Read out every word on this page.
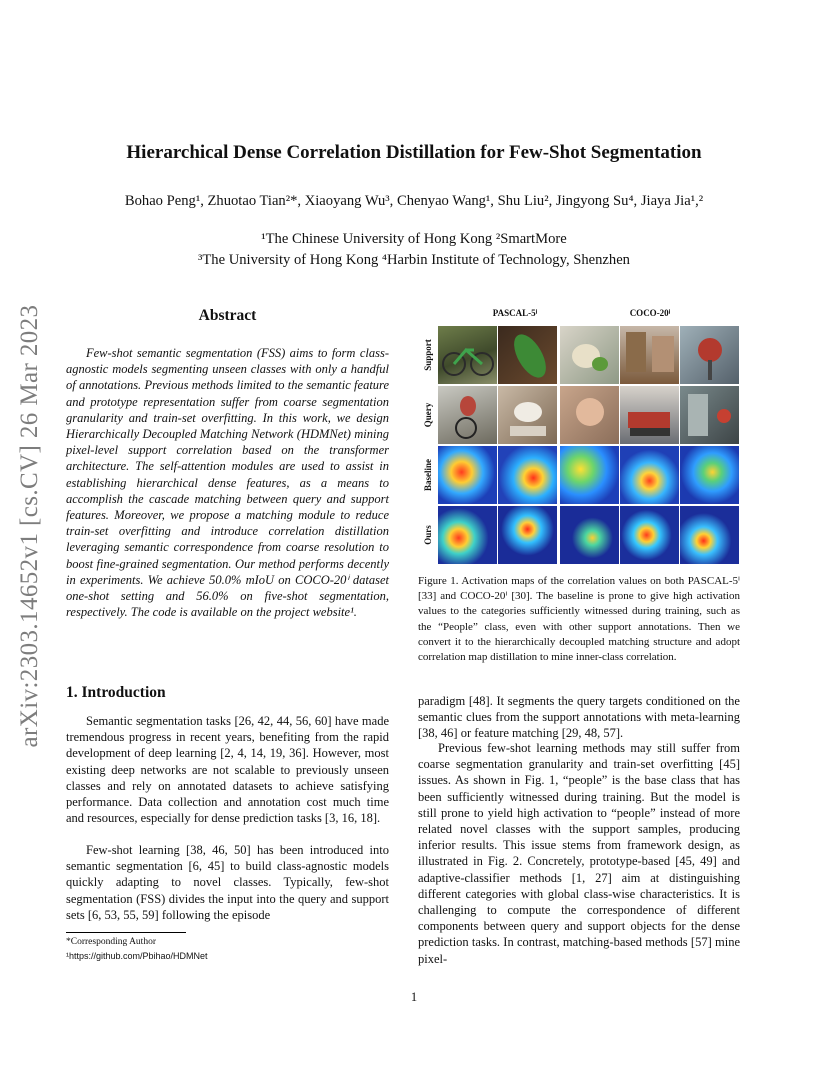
arXiv:2303.14652v1 [cs.CV] 26 Mar 2023
Hierarchical Dense Correlation Distillation for Few-Shot Segmentation
Bohao Peng¹, Zhuotao Tian²*, Xiaoyang Wu³, Chenyao Wang¹, Shu Liu², Jingyong Su⁴, Jiaya Jia¹,²
¹The Chinese University of Hong Kong ²SmartMore
³The University of Hong Kong ⁴Harbin Institute of Technology, Shenzhen
Abstract

Few-shot semantic segmentation (FSS) aims to form class-agnostic models segmenting unseen classes with only a handful of annotations. Previous methods limited to the semantic feature and prototype representation suffer from coarse segmentation granularity and train-set overfitting. In this work, we design Hierarchically Decoupled Matching Network (HDMNet) mining pixel-level support correlation based on the transformer architecture. The self-attention modules are used to assist in establishing hierarchical dense features, as a means to accomplish the cascade matching between query and support features. Moreover, we propose a matching module to reduce train-set overfitting and introduce correlation distillation leveraging semantic correspondence from coarse resolution to boost fine-grained segmentation. Our method performs decently in experiments. We achieve 50.0% mIoU on COCO-20ⁱ dataset one-shot setting and 56.0% on five-shot segmentation, respectively. The code is available on the project website¹.

1. Introduction

Semantic segmentation tasks [26, 42, 44, 56, 60] have made tremendous progress in recent years, benefiting from the rapid development of deep learning [2, 4, 14, 19, 36]. However, most existing deep networks are not scalable to previously unseen classes and rely on annotated datasets to achieve satisfying performance. Data collection and annotation cost much time and resources, especially for dense prediction tasks [3, 16, 18].

Few-shot learning [38, 46, 50] has been introduced into semantic segmentation [6, 45] to build class-agnostic models quickly adapting to novel classes. Typically, few-shot segmentation (FSS) divides the input into the query and support sets [6, 53, 55, 59] following the episode

*Corresponding Author
¹https://github.com/Pbihao/HDMNet
PASCAL-5ⁱ	COCO-20ⁱ
Support
Query
Baseline
Ours

Figure 1. Activation maps of the correlation values on both PASCAL-5ⁱ [33] and COCO-20ⁱ [30]. The baseline is prone to give high activation values to the categories sufficiently witnessed during training, such as the “People” class, even with other support annotations. Then we convert it to the hierarchically decoupled matching structure and adopt correlation map distillation to mine inner-class correlation.

paradigm [48]. It segments the query targets conditioned on the semantic clues from the support annotations with meta-learning [38, 46] or feature matching [29, 48, 57].

Previous few-shot learning methods may still suffer from coarse segmentation granularity and train-set overfitting [45] issues. As shown in Fig. 1, “people” is the base class that has been sufficiently witnessed during training. But the model is still prone to yield high activation to “people” instead of more related novel classes with the support samples, producing inferior results. This issue stems from framework design, as illustrated in Fig. 2. Concretely, prototype-based [45, 49] and adaptive-classifier methods [1, 27] aim at distinguishing different categories with global class-wise characteristics. It is challenging to compute the correspondence of different components between query and support objects for the dense prediction tasks. In contrast, matching-based methods [57] mine pixel-

1
